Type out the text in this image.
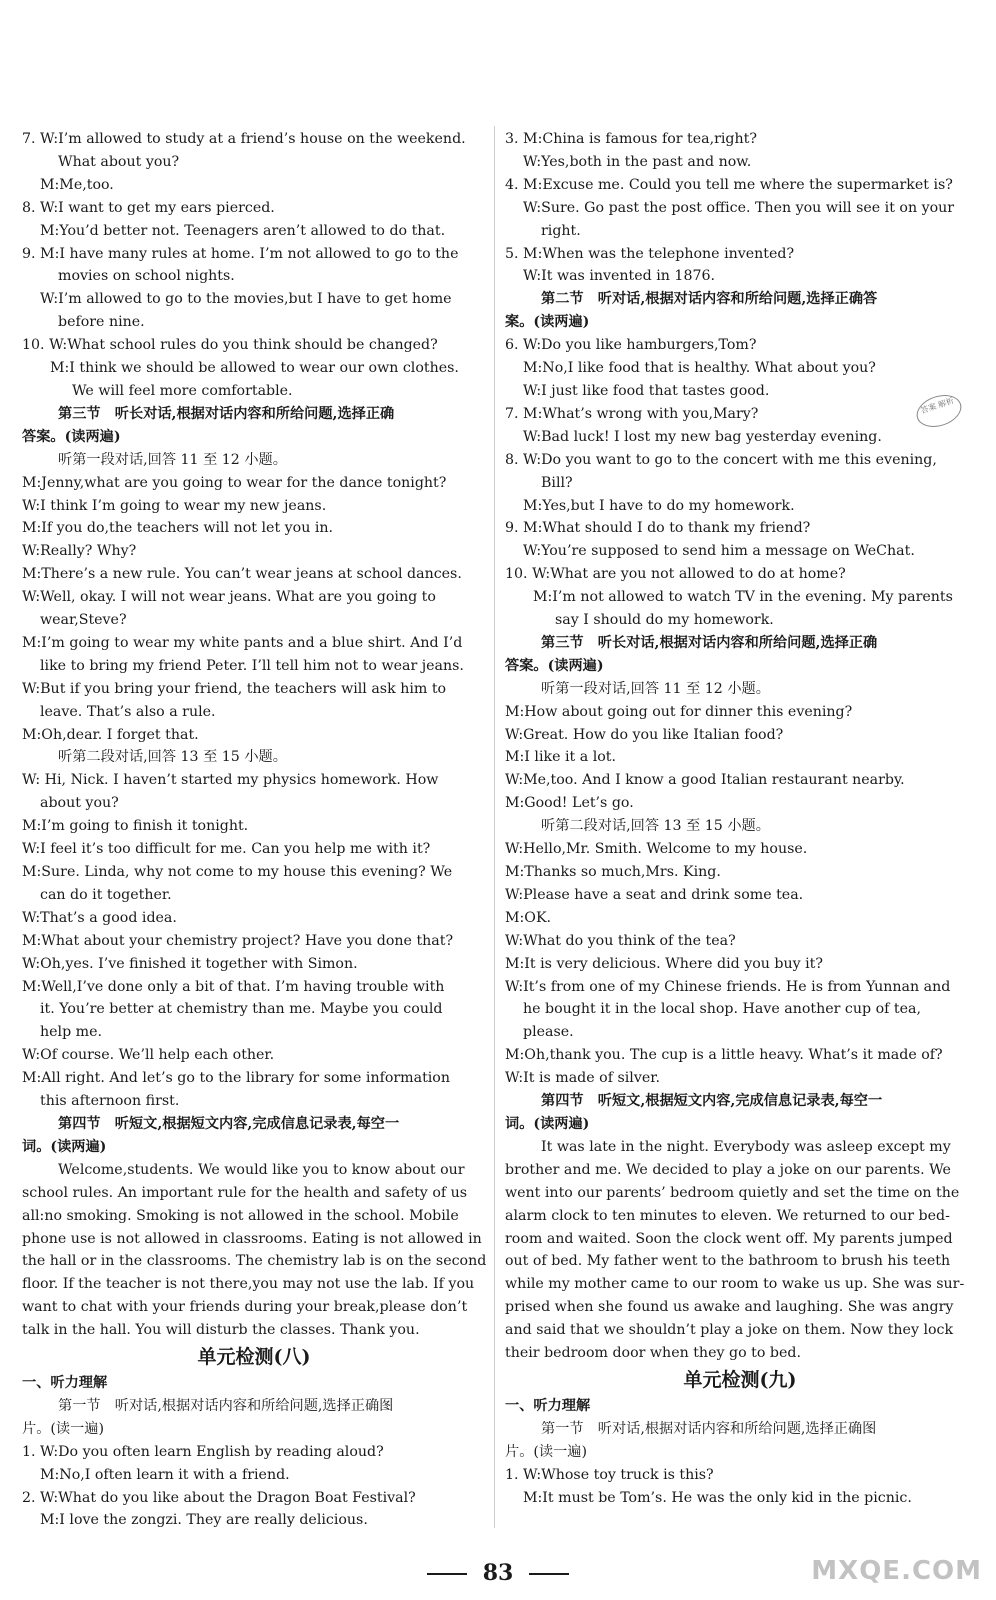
7. W:I’m allowed to study at a friend’s house on the weekend.
What about you?
M:Me,too.
8. W:I want to get my ears pierced.
M:You’d better not. Teenagers aren’t allowed to do that.
9. M:I have many rules at home. I’m not allowed to go to the
movies on school nights.
W:I’m allowed to go to the movies,but I have to get home
before nine.
10. W:What school rules do you think should be changed?
M:I think we should be allowed to wear our own clothes.
We will feel more comfortable.
第三节　听长对话,根据对话内容和所给问题,选择正确
答案。(读两遍)
听第一段对话,回答 11 至 12 小题。
M:Jenny,what are you going to wear for the dance tonight?
W:I think I’m going to wear my new jeans.
M:If you do,the teachers will not let you in.
W:Really? Why?
M:There’s a new rule. You can’t wear jeans at school dances.
W:Well, okay. I will not wear jeans. What are you going to
wear,Steve?
M:I’m going to wear my white pants and a blue shirt. And I’d
like to bring my friend Peter. I’ll tell him not to wear jeans.
W:But if you bring your friend, the teachers will ask him to
leave. That’s also a rule.
M:Oh,dear. I forget that.
听第二段对话,回答 13 至 15 小题。
W: Hi, Nick. I haven’t started my physics homework. How
about you?
M:I’m going to finish it tonight.
W:I feel it’s too difficult for me. Can you help me with it?
M:Sure. Linda, why not come to my house this evening? We
can do it together.
W:That’s a good idea.
M:What about your chemistry project? Have you done that?
W:Oh,yes. I’ve finished it together with Simon.
M:Well,I’ve done only a bit of that. I’m having trouble with
it. You’re better at chemistry than me. Maybe you could
help me.
W:Of course. We’ll help each other.
M:All right. And let’s go to the library for some information
this afternoon first.
第四节　听短文,根据短文内容,完成信息记录表,每空一
词。(读两遍)
Welcome,students. We would like you to know about our
school rules. An important rule for the health and safety of us
all:no smoking. Smoking is not allowed in the school. Mobile
phone use is not allowed in classrooms. Eating is not allowed in
the hall or in the classrooms. The chemistry lab is on the second
floor. If the teacher is not there,you may not use the lab. If you
want to chat with your friends during your break,please don’t
talk in the hall. You will disturb the classes. Thank you.
单元检测(八)
一、听力理解
第一节　听对话,根据对话内容和所给问题,选择正确图
片。(读一遍)
1. W:Do you often learn English by reading aloud?
M:No,I often learn it with a friend.
2. W:What do you like about the Dragon Boat Festival?
M:I love the zongzi. They are really delicious.
3. M:China is famous for tea,right?
W:Yes,both in the past and now.
4. M:Excuse me. Could you tell me where the supermarket is?
W:Sure. Go past the post office. Then you will see it on your
right.
5. M:When was the telephone invented?
W:It was invented in 1876.
第二节　听对话,根据对话内容和所给问题,选择正确答
案。(读两遍)
6. W:Do you like hamburgers,Tom?
M:No,I like food that is healthy. What about you?
W:I just like food that tastes good.
7. M:What’s wrong with you,Mary?
W:Bad luck! I lost my new bag yesterday evening.
8. W:Do you want to go to the concert with me this evening,
Bill?
M:Yes,but I have to do my homework.
9. M:What should I do to thank my friend?
W:You’re supposed to send him a message on WeChat.
10. W:What are you not allowed to do at home?
M:I’m not allowed to watch TV in the evening. My parents
say I should do my homework.
第三节　听长对话,根据对话内容和所给问题,选择正确
答案。(读两遍)
听第一段对话,回答 11 至 12 小题。
M:How about going out for dinner this evening?
W:Great. How do you like Italian food?
M:I like it a lot.
W:Me,too. And I know a good Italian restaurant nearby.
M:Good! Let’s go.
听第二段对话,回答 13 至 15 小题。
W:Hello,Mr. Smith. Welcome to my house.
M:Thanks so much,Mrs. King.
W:Please have a seat and drink some tea.
M:OK.
W:What do you think of the tea?
M:It is very delicious. Where did you buy it?
W:It’s from one of my Chinese friends. He is from Yunnan and
he bought it in the local shop. Have another cup of tea,
please.
M:Oh,thank you. The cup is a little heavy. What’s it made of?
W:It is made of silver.
第四节　听短文,根据短文内容,完成信息记录表,每空一
词。(读两遍)
It was late in the night. Everybody was asleep except my
brother and me. We decided to play a joke on our parents. We
went into our parents’ bedroom quietly and set the time on the
alarm clock to ten minutes to eleven. We returned to our bed-
room and waited. Soon the clock went off. My parents jumped
out of bed. My father went to the bathroom to brush his teeth
while my mother came to our room to wake us up. She was sur-
prised when she found us awake and laughing. She was angry
and said that we shouldn’t play a joke on them. Now they lock
their bedroom door when they go to bed.
单元检测(九)
一、听力理解
第一节　听对话,根据对话内容和所给问题,选择正确图
片。(读一遍)
1. W:Whose toy truck is this?
M:It must be Tom’s. He was the only kid in the picnic.
答案 解析
83	MXQE.COM
